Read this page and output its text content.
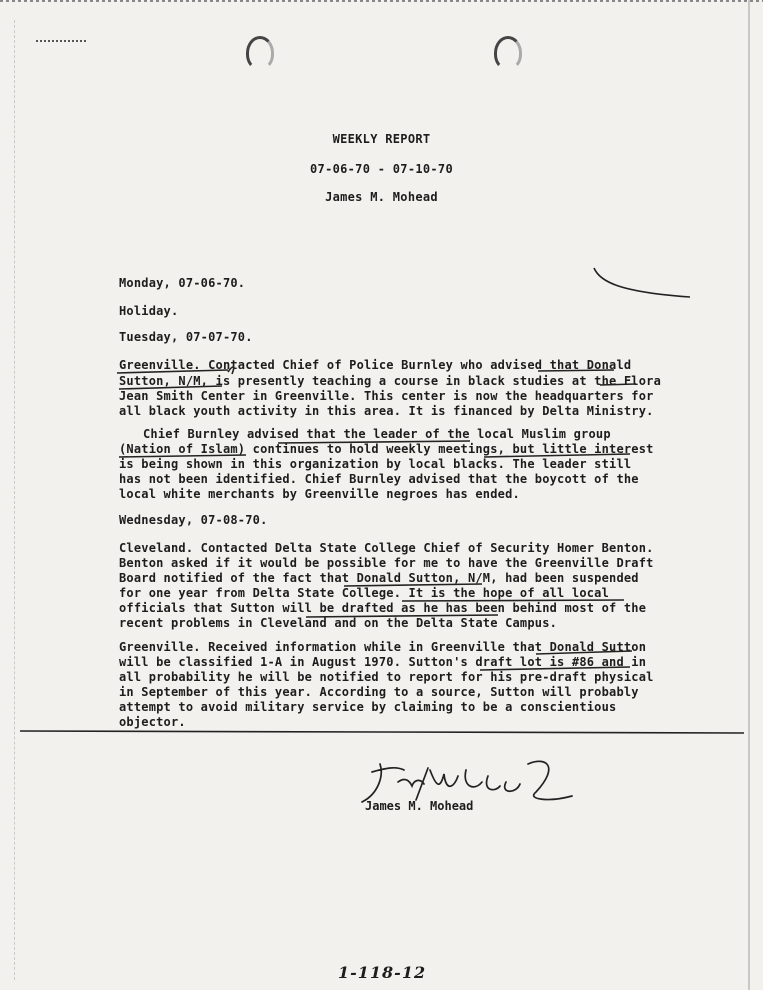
WEEKLY REPORT
07-06-70 - 07-10-70
James M. Mohead
Monday, 07-06-70.
Holiday.
Tuesday, 07-07-70.
Greenville. Contacted Chief of Police Burnley who advised that Donald
Sutton, N/M, is presently teaching a course in black studies at the Flora
Jean Smith Center in Greenville. This center is now the headquarters for
all black youth activity in this area. It is financed by Delta Ministry.
Chief Burnley advised that the leader of the local Muslim group
(Nation of Islam) continues to hold weekly meetings, but little interest
is being shown in this organization by local blacks. The leader still
has not been identified. Chief Burnley advised that the boycott of the
local white merchants by Greenville negroes has ended.
Wednesday, 07-08-70.
Cleveland. Contacted Delta State College Chief of Security Homer Benton.
Benton asked if it would be possible for me to have the Greenville Draft
Board notified of the fact that Donald Sutton, N/M, had been suspended
for one year from Delta State College. It is the hope of all local
officials that Sutton will be drafted as he has been behind most of the
recent problems in Cleveland and on the Delta State Campus.
Greenville. Received information while in Greenville that Donald Sutton
will be classified 1-A in August 1970. Sutton's draft lot is #86 and in
all probability he will be notified to report for his pre-draft physical
in September of this year. According to a source, Sutton will probably
attempt to avoid military service by claiming to be a conscientious
objector.
James M. Mohead
1-118-12
